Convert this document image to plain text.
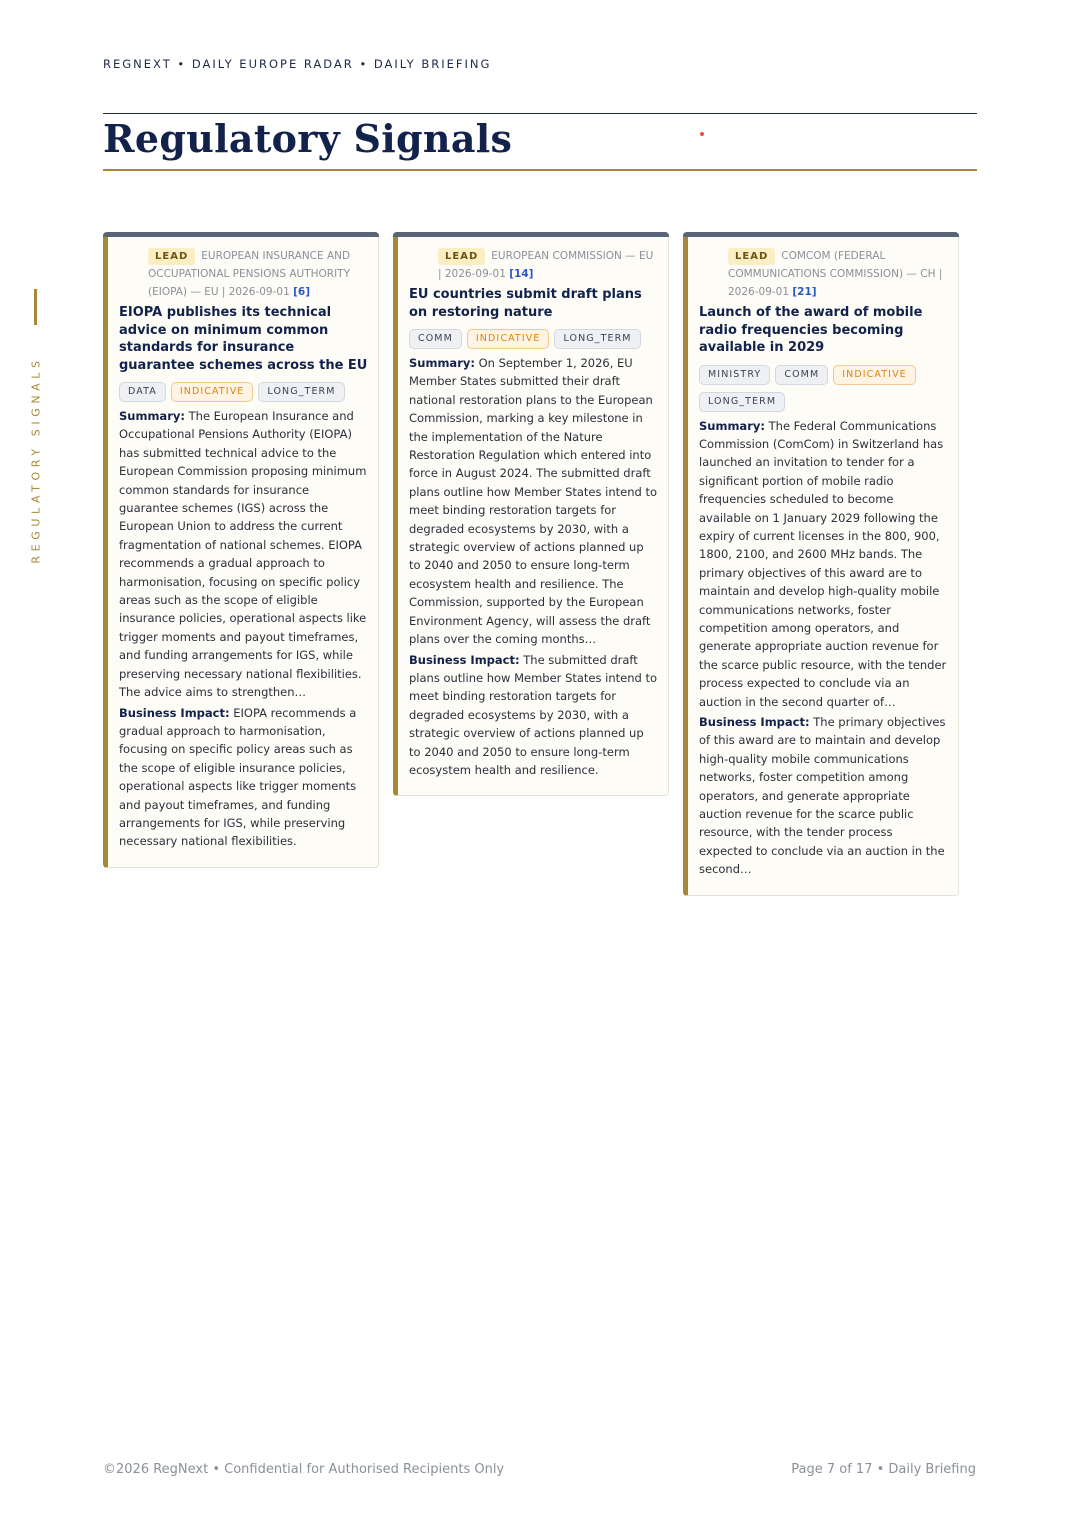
REGNEXT • DAILY EUROPE RADAR • DAILY BRIEFING
Regulatory Signals
REGULATORY SIGNALS
LEAD EUROPEAN INSURANCE AND OCCUPATIONAL PENSIONS AUTHORITY (EIOPA) — EU | 2026-09-01 [6]
EIOPA publishes its technical advice on minimum common standards for insurance guarantee schemes across the EU
DATA INDICATIVE LONG_TERM
Summary: The European Insurance and Occupational Pensions Authority (EIOPA) has submitted technical advice to the European Commission proposing minimum common standards for insurance guarantee schemes (IGS) across the European Union to address the current fragmentation of national schemes. EIOPA recommends a gradual approach to harmonisation, focusing on specific policy areas such as the scope of eligible insurance policies, operational aspects like trigger moments and payout timeframes, and funding arrangements for IGS, while preserving necessary national flexibilities. The advice aims to strengthen…
Business Impact: EIOPA recommends a gradual approach to harmonisation, focusing on specific policy areas such as the scope of eligible insurance policies, operational aspects like trigger moments and payout timeframes, and funding arrangements for IGS, while preserving necessary national flexibilities.
LEAD EUROPEAN COMMISSION — EU | 2026-09-01 [14]
EU countries submit draft plans on restoring nature
COMM INDICATIVE LONG_TERM
Summary: On September 1, 2026, EU Member States submitted their draft national restoration plans to the European Commission, marking a key milestone in the implementation of the Nature Restoration Regulation which entered into force in August 2024. The submitted draft plans outline how Member States intend to meet binding restoration targets for degraded ecosystems by 2030, with a strategic overview of actions planned up to 2040 and 2050 to ensure long-term ecosystem health and resilience. The Commission, supported by the European Environment Agency, will assess the draft plans over the coming months…
Business Impact: The submitted draft plans outline how Member States intend to meet binding restoration targets for degraded ecosystems by 2030, with a strategic overview of actions planned up to 2040 and 2050 to ensure long-term ecosystem health and resilience.
LEAD COMCOM (FEDERAL COMMUNICATIONS COMMISSION) — CH | 2026-09-01 [21]
Launch of the award of mobile radio frequencies becoming available in 2029
MINISTRY COMM INDICATIVELONG_TERM
Summary: The Federal Communications Commission (ComCom) in Switzerland has launched an invitation to tender for a significant portion of mobile radio frequencies scheduled to become available on 1 January 2029 following the expiry of current licenses in the 800, 900, 1800, 2100, and 2600 MHz bands. The primary objectives of this award are to maintain and develop high-quality mobile communications networks, foster competition among operators, and generate appropriate auction revenue for the scarce public resource, with the tender process expected to conclude via an auction in the second quarter of…
Business Impact: The primary objectives of this award are to maintain and develop high-quality mobile communications networks, foster competition among operators, and generate appropriate auction revenue for the scarce public resource, with the tender process expected to conclude via an auction in the second…
©2026 RegNext • Confidential for Authorised Recipients Only	Page 7 of 17 • Daily Briefing
